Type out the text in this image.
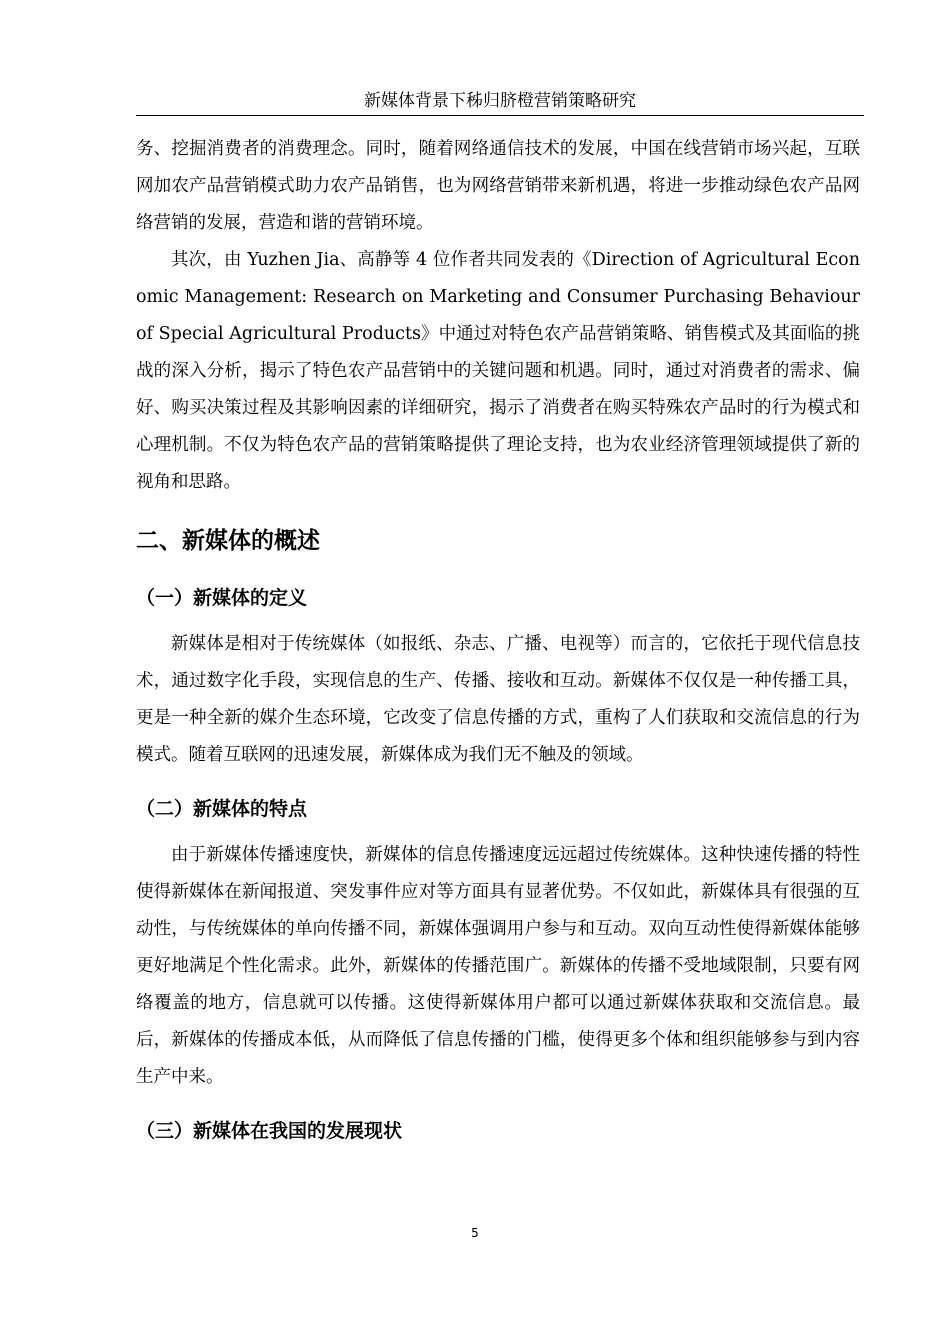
新媒体背景下秭归脐橙营销策略研究

务、挖掘消费者的消费理念。同时，随着网络通信技术的发展，中国在线营销市场兴起，互联网加农产品营销模式助力农产品销售，也为网络营销带来新机遇，将进一步推动绿色农产品网络营销的发展，营造和谐的营销环境。

其次，由 Yuzhen Jia、高静等 4 位作者共同发表的《Direction of Agricultural Economic Management: Research on Marketing and Consumer Purchasing Behaviour of Special Agricultural Products》中通过对特色农产品营销策略、销售模式及其面临的挑战的深入分析，揭示了特色农产品营销中的关键问题和机遇。同时，通过对消费者的需求、偏好、购买决策过程及其影响因素的详细研究，揭示了消费者在购买特殊农产品时的行为模式和心理机制。不仅为特色农产品的营销策略提供了理论支持，也为农业经济管理领域提供了新的视角和思路。

二、新媒体的概述
（一）新媒体的定义

新媒体是相对于传统媒体（如报纸、杂志、广播、电视等）而言的，它依托于现代信息技术，通过数字化手段，实现信息的生产、传播、接收和互动。新媒体不仅仅是一种传播工具，更是一种全新的媒介生态环境，它改变了信息传播的方式，重构了人们获取和交流信息的行为模式。随着互联网的迅速发展，新媒体成为我们无不触及的领域。

（二）新媒体的特点

由于新媒体传播速度快，新媒体的信息传播速度远远超过传统媒体。这种快速传播的特性使得新媒体在新闻报道、突发事件应对等方面具有显著优势。不仅如此，新媒体具有很强的互动性，与传统媒体的单向传播不同，新媒体强调用户参与和互动。双向互动性使得新媒体能够更好地满足个性化需求。此外，新媒体的传播范围广。新媒体的传播不受地域限制，只要有网络覆盖的地方，信息就可以传播。这使得新媒体用户都可以通过新媒体获取和交流信息。最后，新媒体的传播成本低，从而降低了信息传播的门槛，使得更多个体和组织能够参与到内容生产中来。

（三）新媒体在我国的发展现状
5
